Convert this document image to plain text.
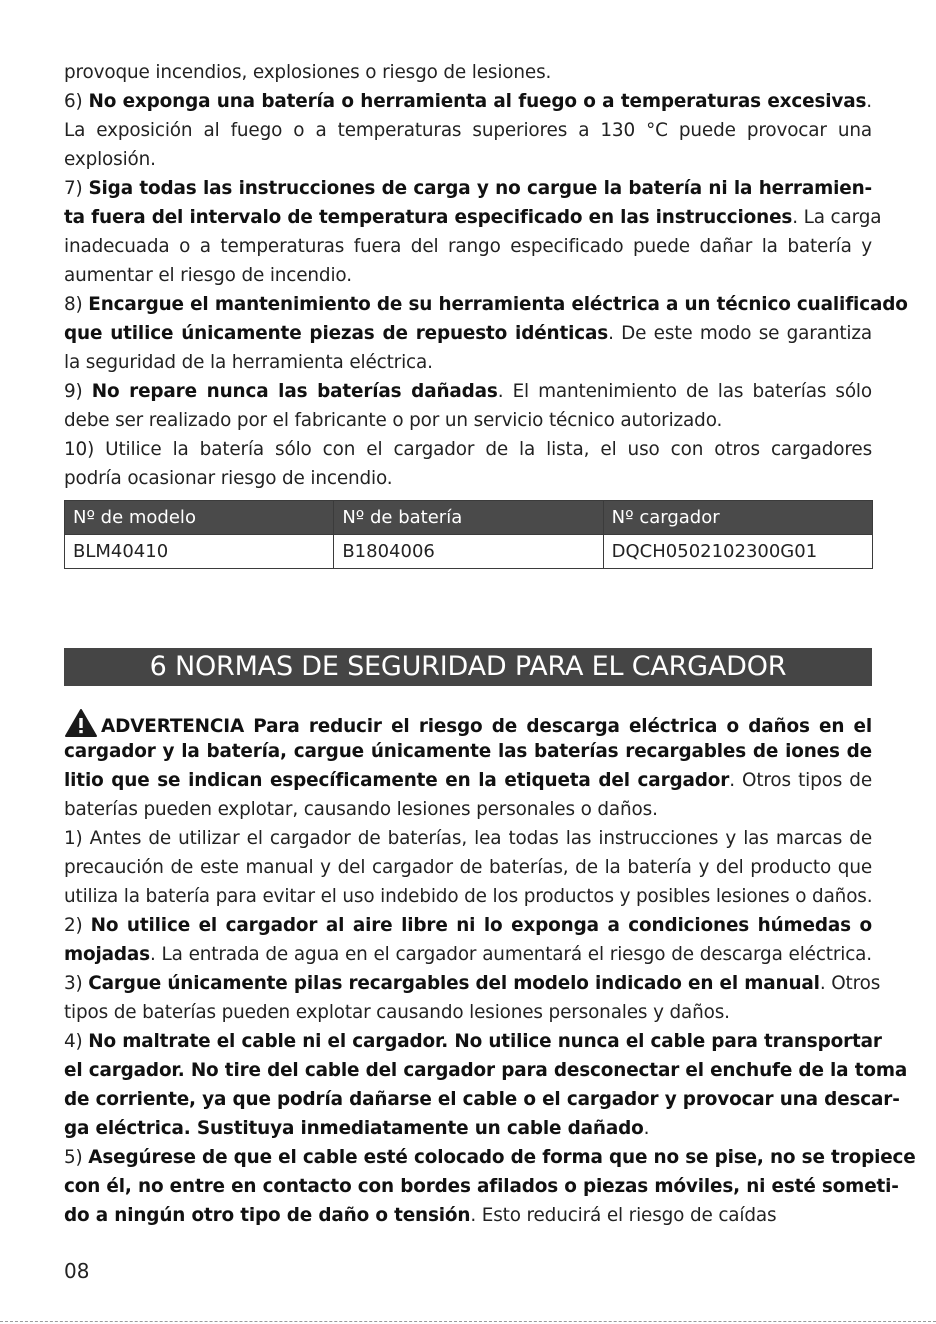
provoque incendios, explosiones o riesgo de lesiones.
6) No exponga una batería o herramienta al fuego o a temperaturas excesivas.
La exposición al fuego o a temperaturas superiores a 130 °C puede provocar una
explosión.
7) Siga todas las instrucciones de carga y no cargue la batería ni la herramien-
ta fuera del intervalo de temperatura especificado en las instrucciones. La carga
inadecuada o a temperaturas fuera del rango especificado puede dañar la batería y
aumentar el riesgo de incendio.
8) Encargue el mantenimiento de su herramienta eléctrica a un técnico cualificado
que utilice únicamente piezas de repuesto idénticas. De este modo se garantiza
la seguridad de la herramienta eléctrica.
9) No repare nunca las baterías dañadas. El mantenimiento de las baterías sólo
debe ser realizado por el fabricante o por un servicio técnico autorizado.
10) Utilice la batería sólo con el cargador de la lista, el uso con otros cargadores
podría ocasionar riesgo de incendio.
Nº de modelo	Nº de batería	Nº cargador
BLM40410	B1804006	DQCH0502102300G01
6 NORMAS DE SEGURIDAD PARA EL CARGADOR
ADVERTENCIA Para reducir el riesgo de descarga eléctrica o daños en el
cargador y la batería, cargue únicamente las baterías recargables de iones de
litio que se indican específicamente en la etiqueta del cargador. Otros tipos de
baterías pueden explotar, causando lesiones personales o daños.
1) Antes de utilizar el cargador de baterías, lea todas las instrucciones y las marcas de
precaución de este manual y del cargador de baterías, de la batería y del producto que
utiliza la batería para evitar el uso indebido de los productos y posibles lesiones o daños.
2) No utilice el cargador al aire libre ni lo exponga a condiciones húmedas o
mojadas. La entrada de agua en el cargador aumentará el riesgo de descarga eléctrica.
3) Cargue únicamente pilas recargables del modelo indicado en el manual. Otros
tipos de baterías pueden explotar causando lesiones personales y daños.
4) No maltrate el cable ni el cargador. No utilice nunca el cable para transportar
el cargador. No tire del cable del cargador para desconectar el enchufe de la toma
de corriente, ya que podría dañarse el cable o el cargador y provocar una descar-
ga eléctrica. Sustituya inmediatamente un cable dañado.
5) Asegúrese de que el cable esté colocado de forma que no se pise, no se tropiece
con él, no entre en contacto con bordes afilados o piezas móviles, ni esté someti-
do a ningún otro tipo de daño o tensión. Esto reducirá el riesgo de caídas
08
